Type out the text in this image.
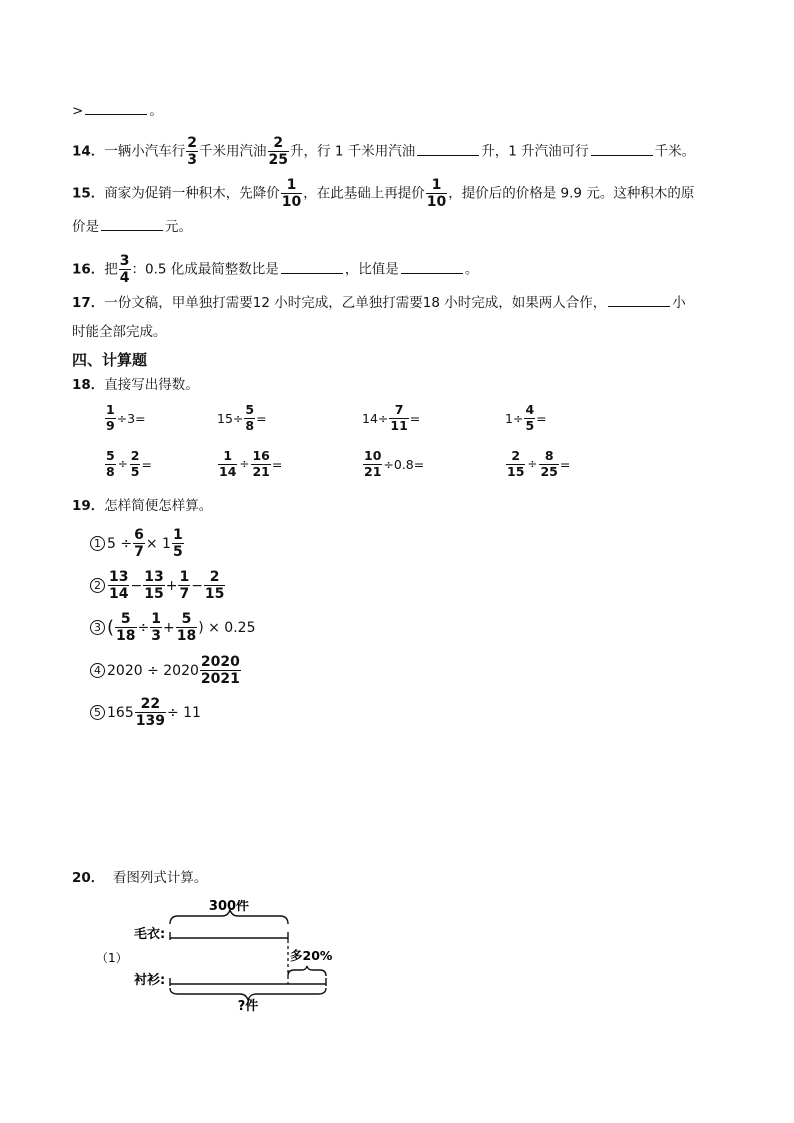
>	。
14．一辆小汽车行 $\frac{2}{3}$ 千米用汽油 $\frac{2}{25}$ 升，行 1 千米用汽油	升，1 升汽油可行	千米。
15．商家为促销一种积木，先降价 $\frac{1}{10}$ ，在此基础上再提价 $\frac{1}{10}$ ，提价后的价格是 9.9 元。这种积木的原
价是	元。
16．把 $\frac{3}{4}$ ：0.5 化成最简整数比是	，比值是	。
17．一份文稿，甲单独打需要12 小时完成，乙单独打需要18 小时完成，如果两人合作，	小
时能全部完成。
四、计算题
18．直接写出得数。
$\frac{1}{9} \div 3=$	$15\div \frac{5}{8}$ =	$14\div \frac{7}{11}$ =	$1\div \frac{4}{5}$ =
$\frac{5}{8} \div \frac{2}{5}$ =	$\frac{1}{14} \div \frac{16}{21}$ =	$\frac{10}{21} \div 0.8=$	$\frac{2}{15} \div \frac{8}{25}$ =
19．怎样简便怎样算。
1 $5 \div \frac{6}{7} \times 1$
1
5
2
13
14
− $\frac{13}{15} + \frac{1}{7} - \frac{2}{15}$
3 ( $\frac{5}{18} \div \frac{1}{3} + \frac{5}{18}$ ) × 0.25
4 2020 ÷ 2020
2020
2021
5 $165 \frac{22}{139} \div 11$
20． 看图列式计算。
300件
毛衣:
（1）	多20%
衬衫:
?件
